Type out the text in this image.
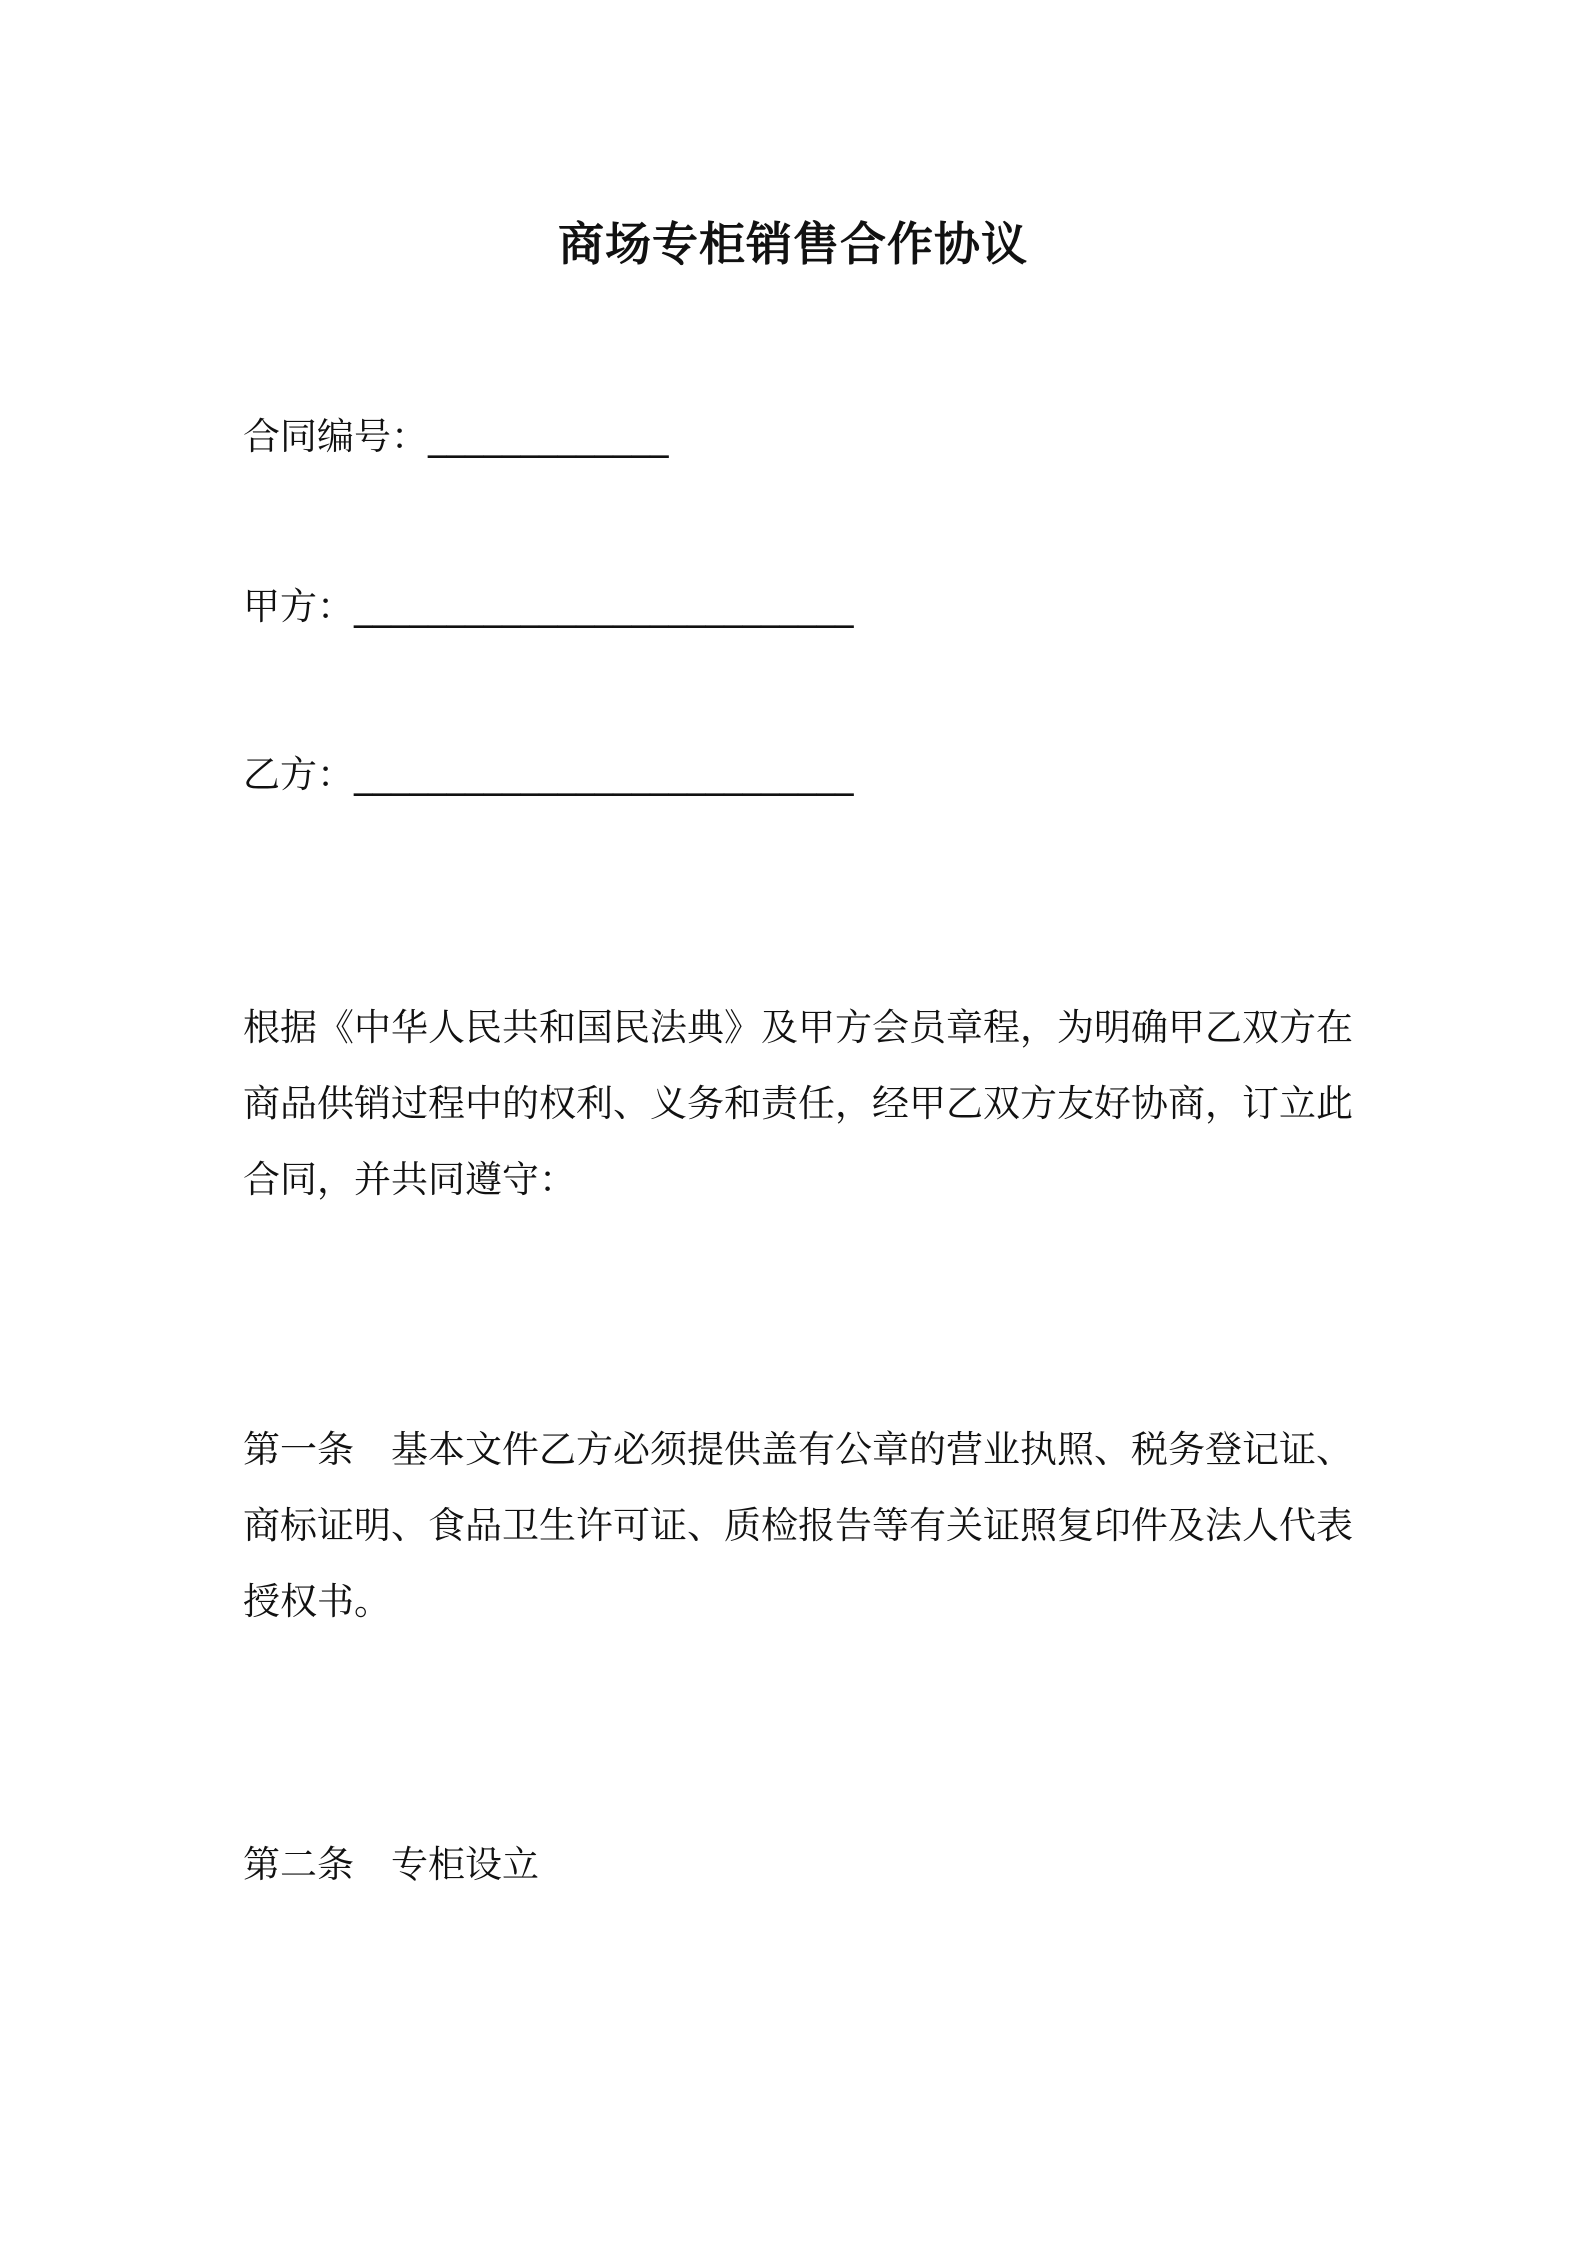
商场专柜销售合作协议

合同编号：_____________

甲方：___________________________

乙方：___________________________

根据《中华人民共和国民法典》及甲方会员章程，为明确甲乙双方在商品供销过程中的权利、义务和责任，经甲乙双方友好协商，订立此合同，并共同遵守：

第一条　基本文件乙方必须提供盖有公章的营业执照、税务登记证、商标证明、食品卫生许可证、质检报告等有关证照复印件及法人代表授权书。

第二条　专柜设立
